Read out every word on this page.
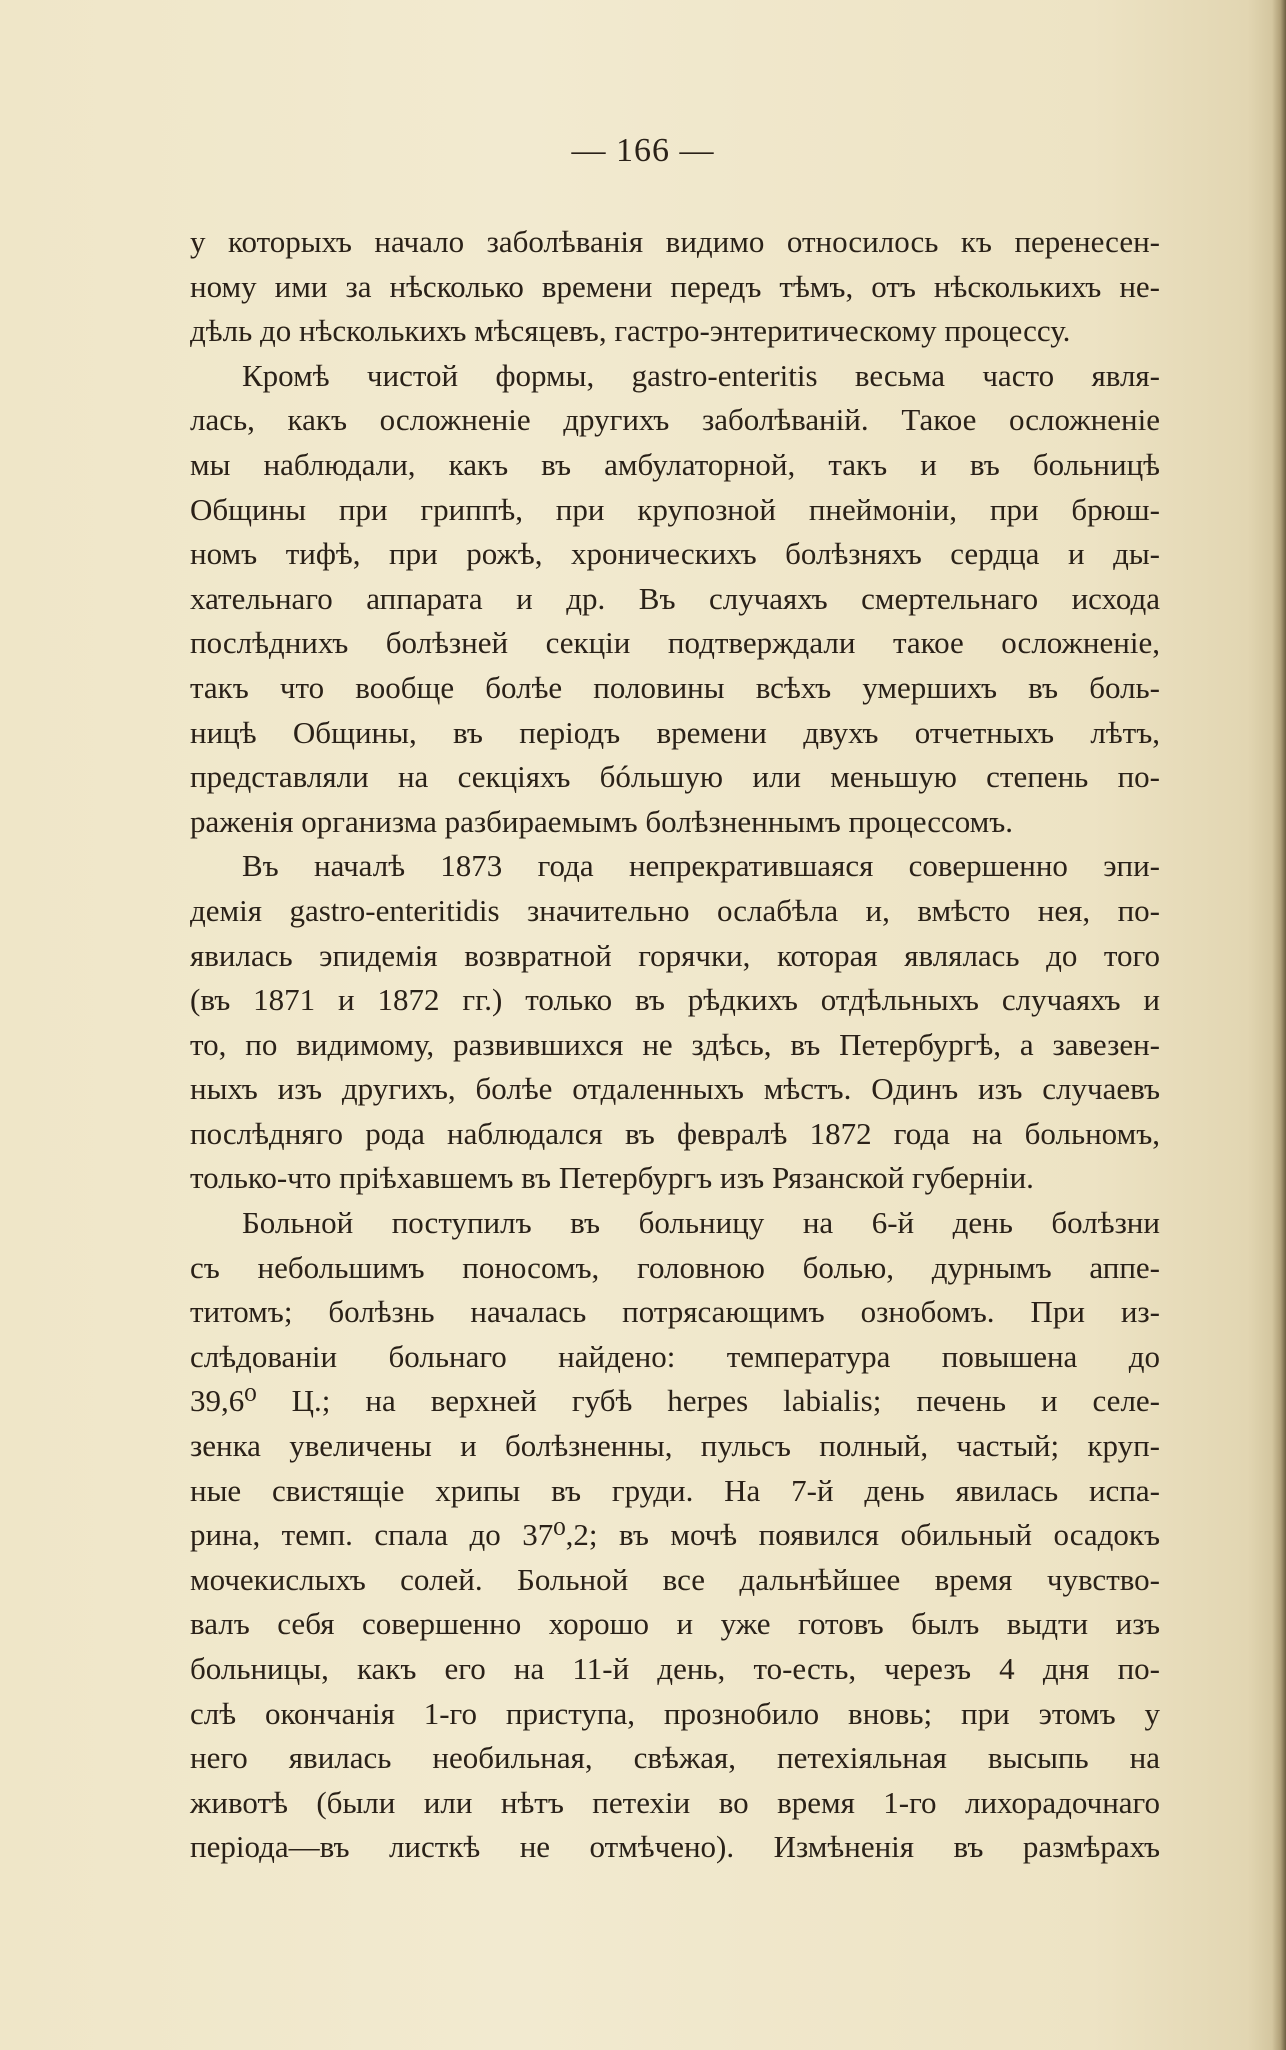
— 166 —
у которыхъ начало заболѣванія видимо относилось къ перенесен-
ному ими за нѣсколько времени передъ тѣмъ, отъ нѣсколькихъ не-
дѣль до нѣсколькихъ мѣсяцевъ, гастро-энтеритическому процессу.
Кромѣ чистой формы, gastro-enteritis весьма часто явля-
лась, какъ осложненіе другихъ заболѣваній. Такое осложненіе
мы наблюдали, какъ въ амбулаторной, такъ и въ больницѣ
Общины при гриппѣ, при крупозной пнеймоніи, при брюш-
номъ тифѣ, при рожѣ, хроническихъ болѣзняхъ сердца и ды-
хательнаго аппарата и др. Въ случаяхъ смертельнаго исхода
послѣднихъ болѣзней секціи подтверждали такое осложненіе,
такъ что вообще болѣе половины всѣхъ умершихъ въ боль-
ницѣ Общины, въ періодъ времени двухъ отчетныхъ лѣтъ,
представляли на секціяхъ бóльшую или меньшую степень по-
раженія организма разбираемымъ болѣзненнымъ процессомъ.
Въ началѣ 1873 года непрекратившаяся совершенно эпи-
демія gastro-enteritidis значительно ослабѣла и, вмѣсто нея, по-
явилась эпидемія возвратной горячки, которая являлась до того
(въ 1871 и 1872 гг.) только въ рѣдкихъ отдѣльныхъ случаяхъ и
то, по видимому, развившихся не здѣсь, въ Петербургѣ, а завезен-
ныхъ изъ другихъ, болѣе отдаленныхъ мѣстъ. Одинъ изъ случаевъ
послѣдняго рода наблюдался въ февралѣ 1872 года на больномъ,
только-что пріѣхавшемъ въ Петербургъ изъ Рязанской губерніи.
Больной поступилъ въ больницу на 6-й день болѣзни
съ небольшимъ поносомъ, головною болью, дурнымъ аппе-
титомъ; болѣзнь началась потрясающимъ ознобомъ. При из-
слѣдованіи больнаго найдено: температура повышена до
39,6⁰ Ц.; на верхней губѣ herpes labialis; печень и селе-
зенка увеличены и болѣзненны, пульсъ полный, частый; круп-
ные свистящіе хрипы въ груди. На 7-й день явилась испа-
рина, темп. спала до 37⁰,2; въ мочѣ появился обильный осадокъ
мочекислыхъ солей. Больной все дальнѣйшее время чувство-
валъ себя совершенно хорошо и уже готовъ былъ выдти изъ
больницы, какъ его на 11-й день, то-есть, черезъ 4 дня по-
слѣ окончанія 1-го приступа, прознобило вновь; при этомъ у
него явилась необильная, свѣжая, петехіяльная высыпь на
животѣ (были или нѣтъ петехіи во время 1-го лихорадочнаго
періода—въ листкѣ не отмѣчено). Измѣненія въ размѣрахъ
